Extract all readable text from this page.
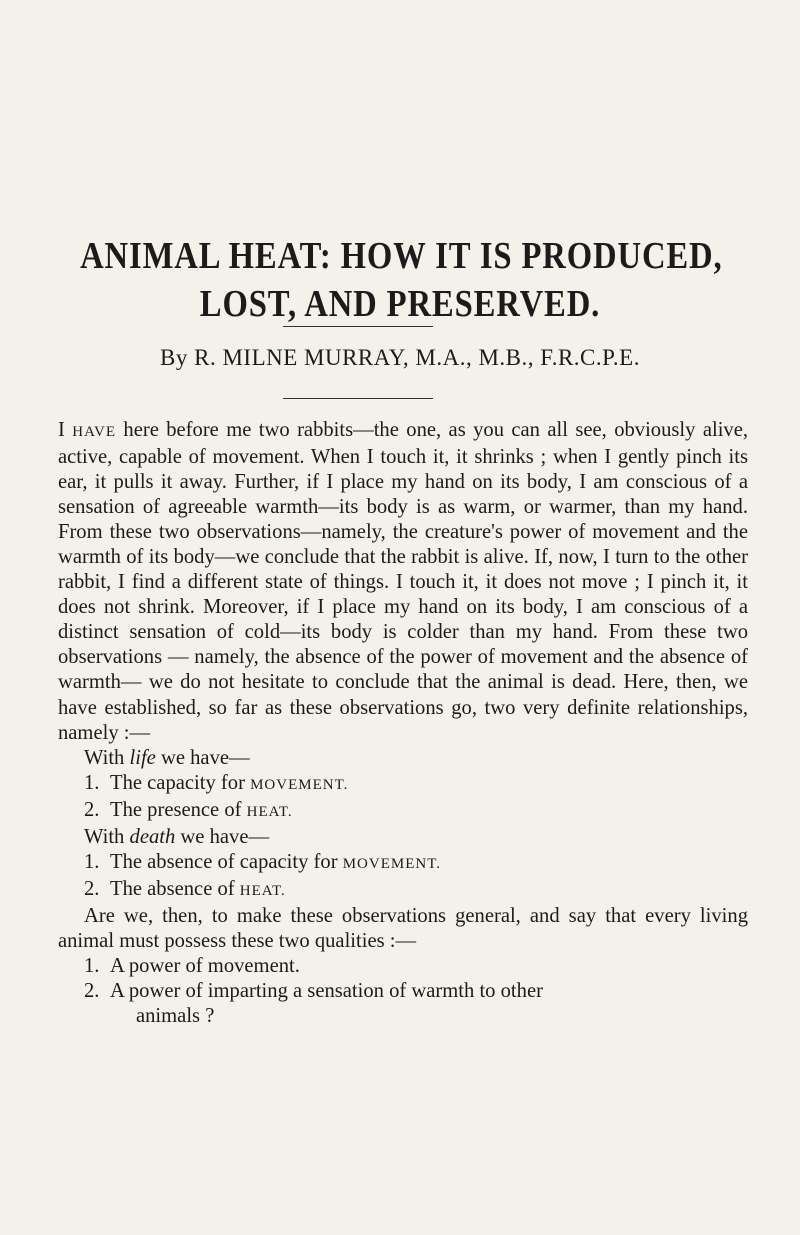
ANIMAL HEAT: HOW IT IS PRODUCED,
LOST, AND PRESERVED.
By R. MILNE MURRAY, M.A., M.B., F.R.C.P.E.

I HAVE here before me two rabbits—the one, as you can all see, obviously alive, active, capable of movement. When I touch it, it shrinks ; when I gently pinch its ear, it pulls it away. Further, if I place my hand on its body, I am conscious of a sensation of agreeable warmth—its body is as warm, or warmer, than my hand. From these two observations—namely, the creature's power of movement and the warmth of its body—we conclude that the rabbit is alive. If, now, I turn to the other rabbit, I find a different state of things. I touch it, it does not move ; I pinch it, it does not shrink. Moreover, if I place my hand on its body, I am conscious of a distinct sensation of cold—its body is colder than my hand. From these two observations — namely, the absence of the power of movement and the absence of warmth— we do not hesitate to conclude that the animal is dead. Here, then, we have established, so far as these observations go, two very definite relationships, namely :—

With life we have—

1. The capacity for MOVEMENT.

2. The presence of HEAT.

With death we have—

1. The absence of capacity for MOVEMENT.

2. The absence of HEAT.

Are we, then, to make these observations general, and say that every living animal must possess these two qualities :—

1. A power of movement.

2. A power of imparting a sensation of warmth to other

animals ?
